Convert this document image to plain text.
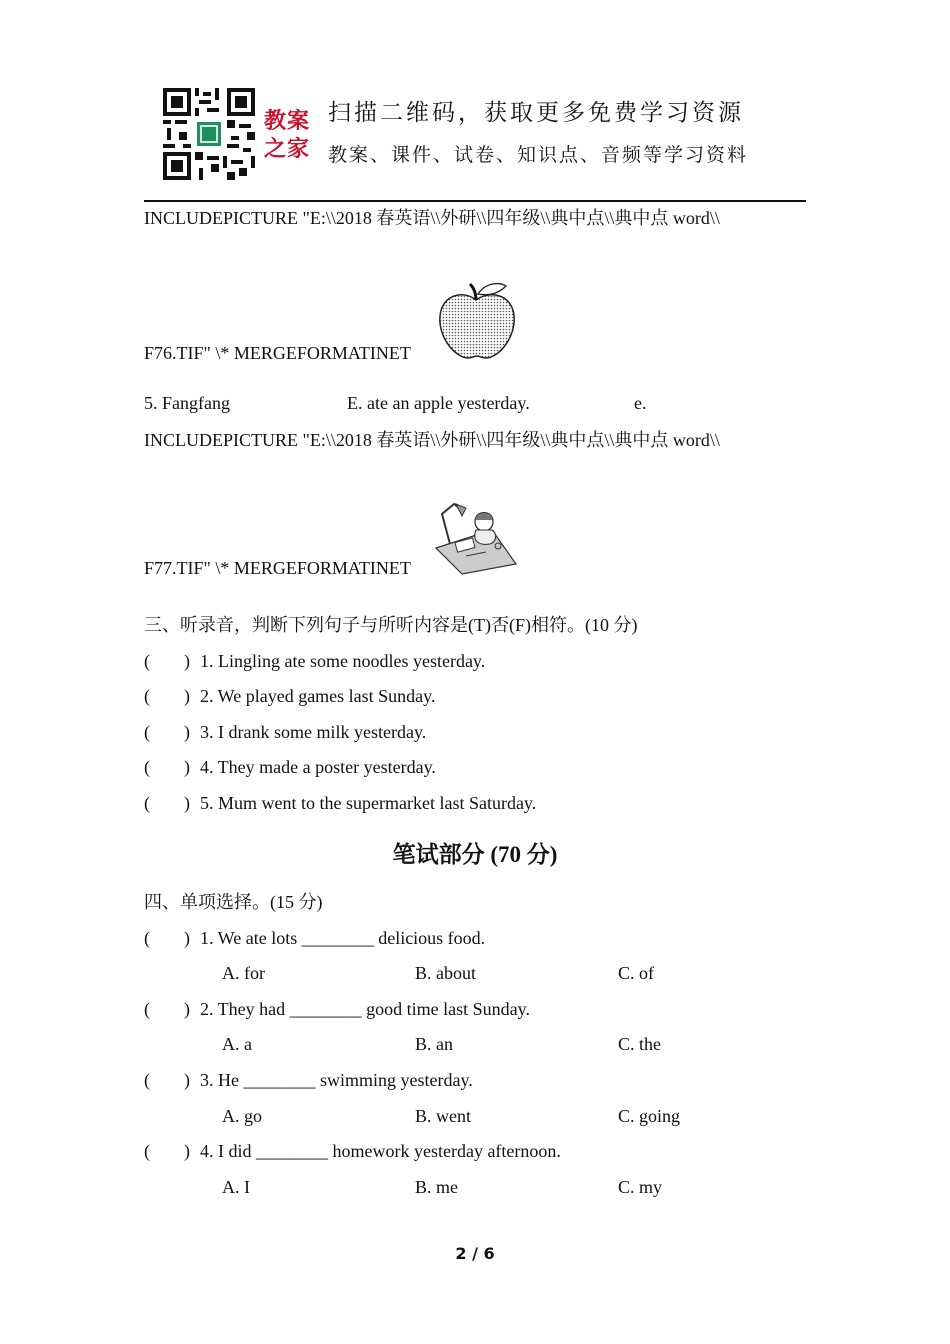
教案之家
扫描二维码，获取更多免费学习资源
教案、课件、试卷、知识点、音频等学习资料
INCLUDEPICTURE "E:\\2018 春英语\\外研\\四年级\\典中点\\典中点 word\\
F76.TIF" \* MERGEFORMATINET
5. Fangfang	E. ate an apple yesterday.	e.
INCLUDEPICTURE "E:\\2018 春英语\\外研\\四年级\\典中点\\典中点 word\\
F77.TIF" \* MERGEFORMATINET
三、听录音，判断下列句子与所听内容是(T)否(F)相符。(10 分)
( ) 1. Lingling ate some noodles yesterday.
( ) 2. We played games last Sunday.
( ) 3. I drank some milk yesterday.
( ) 4. They made a poster yesterday.
( ) 5. Mum went to the supermarket last Saturday.
笔试部分 (70 分)
四、单项选择。(15 分)
( ) 1. We ate lots ________ delicious food.
A. for	B. about	C. of
( ) 2. They had ________ good time last Sunday.
A. a	B. an	C. the
( ) 3. He ________ swimming yesterday.
A. go	B. went	C. going
( ) 4. I did ________ homework yesterday afternoon.
A. I	B. me	C. my
2 / 6
